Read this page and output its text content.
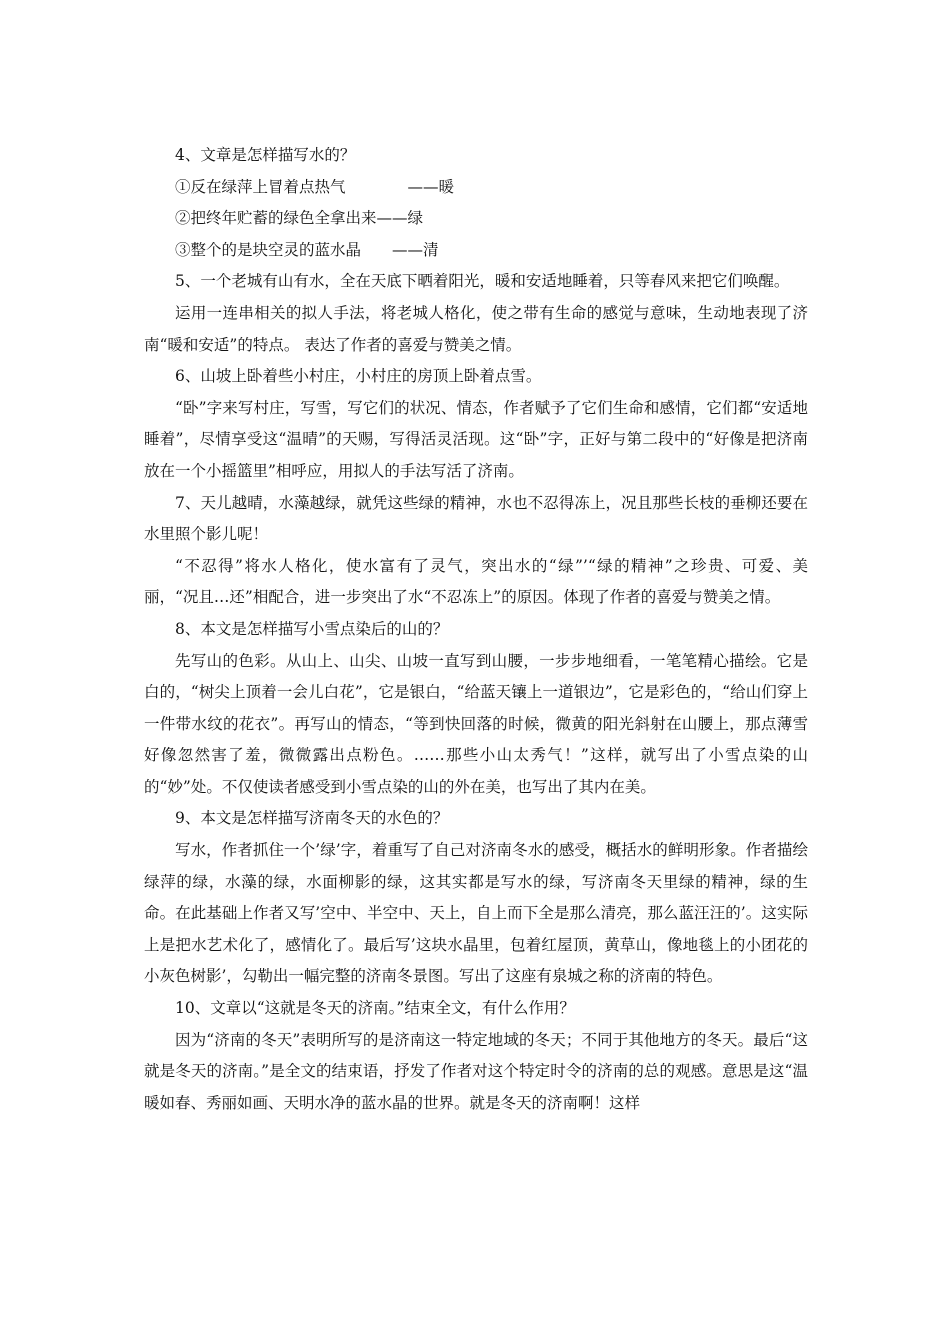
4、文章是怎样描写水的？

①反在绿萍上冒着点热气　　　　——暖

②把终年贮蓄的绿色全拿出来——绿

③整个的是块空灵的蓝水晶　　——清

5、一个老城有山有水，全在天底下晒着阳光，暖和安适地睡着，只等春风来把它们唤醒。

运用一连串相关的拟人手法，将老城人格化，使之带有生命的感觉与意味，生动地表现了济南“暖和安适”的特点。 表达了作者的喜爱与赞美之情。

6、山坡上卧着些小村庄，小村庄的房顶上卧着点雪。

“卧”字来写村庄，写雪，写它们的状况、情态，作者赋予了它们生命和感情，它们都“安适地睡着”，尽情享受这“温晴”的天赐，写得活灵活现。这“卧”字，正好与第二段中的“好像是把济南放在一个小摇篮里”相呼应，用拟人的手法写活了济南。

7、天儿越晴，水藻越绿，就凭这些绿的精神，水也不忍得冻上，况且那些长枝的垂柳还要在水里照个影儿呢！

“不忍得”将水人格化，使水富有了灵气，突出水的“绿”’“绿的精神”之珍贵、可爱、美丽，“况且…还”相配合，进一步突出了水“不忍冻上”的原因。体现了作者的喜爱与赞美之情。

8、本文是怎样描写小雪点染后的山的？

先写山的色彩。从山上、山尖、山坡一直写到山腰，一步步地细看，一笔笔精心描绘。它是白的，“树尖上顶着一会儿白花”，它是银白，“给蓝天镶上一道银边”，它是彩色的，“给山们穿上一件带水纹的花衣”。再写山的情态，“等到快回落的时候，微黄的阳光斜射在山腰上，那点薄雪好像忽然害了羞，微微露出点粉色。……那些小山太秀气！”这样，就写出了小雪点染的山的“妙”处。不仅使读者感受到小雪点染的山的外在美，也写出了其内在美。

9、本文是怎样描写济南冬天的水色的？

写水，作者抓住一个’绿’字，着重写了自己对济南冬水的感受，概括水的鲜明形象。作者描绘绿萍的绿，水藻的绿，水面柳影的绿，这其实都是写水的绿，写济南冬天里绿的精神，绿的生命。在此基础上作者又写’空中、半空中、天上，自上而下全是那么清亮，那么蓝汪汪的’。这实际上是把水艺术化了，感情化了。最后写’这块水晶里，包着红屋顶，黄草山，像地毯上的小团花的小灰色树影’，勾勒出一幅完整的济南冬景图。写出了这座有泉城之称的济南的特色。

10、文章以“这就是冬天的济南。”结束全文，有什么作用？

因为“济南的冬天”表明所写的是济南这一特定地域的冬天；不同于其他地方的冬天。最后“这就是冬天的济南。”是全文的结束语，抒发了作者对这个特定时令的济南的总的观感。意思是这“温暖如春、秀丽如画、天明水净的蓝水晶的世界。就是冬天的济南啊！这样
